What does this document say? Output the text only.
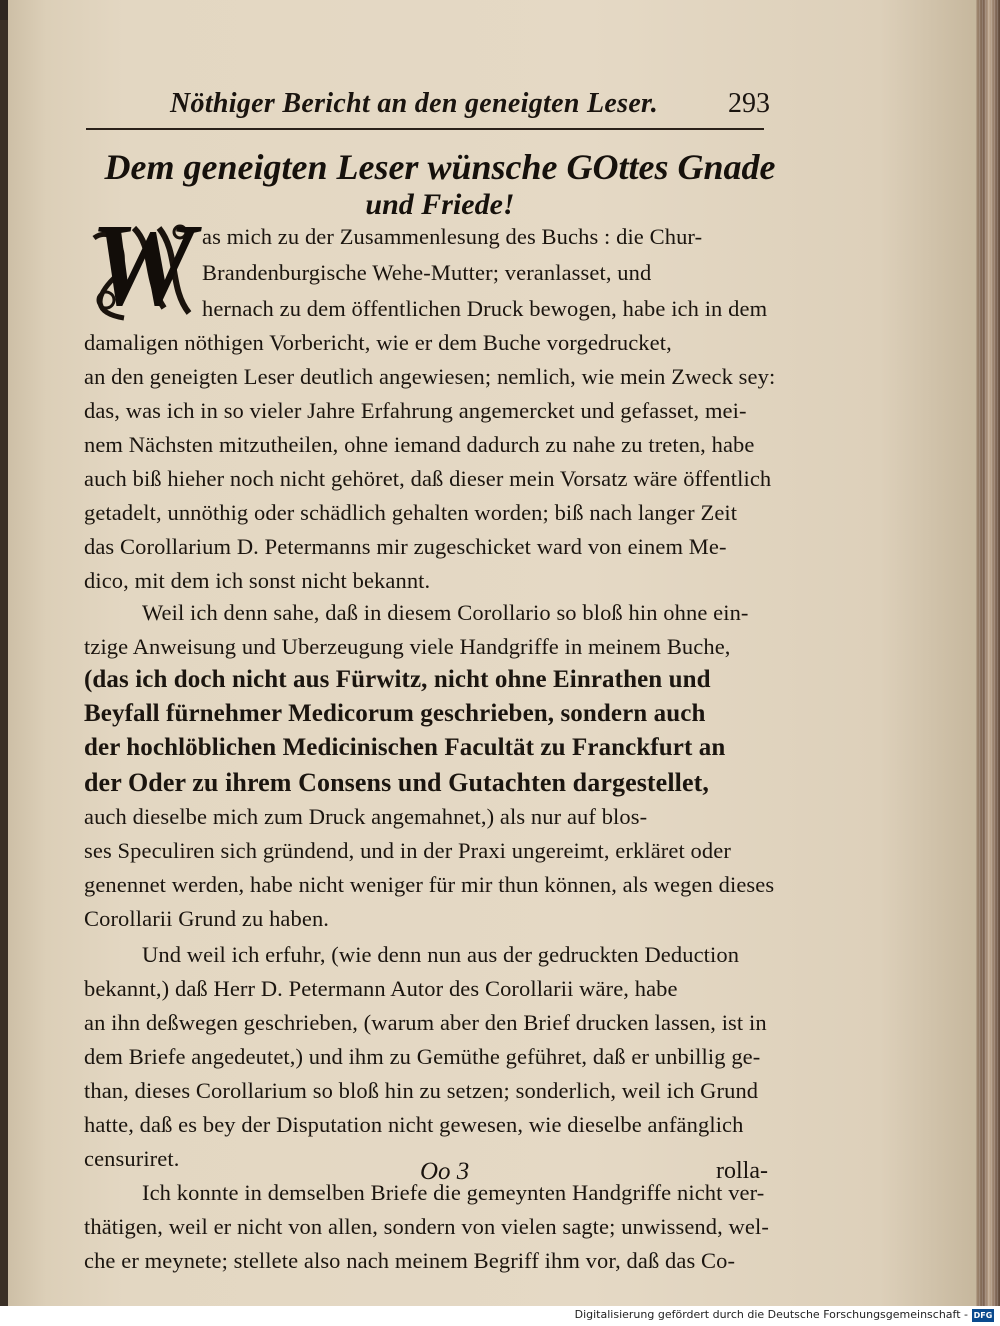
Nöthiger Bericht an den geneigten Leser.	293
Dem geneigten Leser wünsche GOttes Gnade
und Friede!
W as mich zu der Zusammenlesung des Buchs : die Chur-
Brandenburgische Wehe-Mutter; veranlasset, und
hernach zu dem öffentlichen Druck bewogen, habe ich in dem
damaligen nöthigen Vorbericht, wie er dem Buche vorgedrucket,
an den geneigten Leser deutlich angewiesen; nemlich, wie mein Zweck sey:
das, was ich in so vieler Jahre Erfahrung angemercket und gefasset, mei-
nem Nächsten mitzutheilen, ohne iemand dadurch zu nahe zu treten, habe
auch biß hieher noch nicht gehöret, daß dieser mein Vorsatz wäre öffentlich
getadelt, unnöthig oder schädlich gehalten worden; biß nach langer Zeit
das Corollarium D. Petermanns mir zugeschicket ward von einem Me-
dico, mit dem ich sonst nicht bekannt.
Weil ich denn sahe, daß in diesem Corollario so bloß hin ohne ein-
tzige Anweisung und Uberzeugung viele Handgriffe in meinem Buche,
(das ich doch nicht aus Fürwitz, nicht ohne Einrathen und
Beyfall fürnehmer Medicorum geschrieben, sondern auch
der hochlöblichen Medicinischen Facultät zu Franckfurt an
der Oder zu ihrem Consens und Gutachten dargestellet,
auch dieselbe mich zum Druck angemahnet,) als nur auf blos-
ses Speculiren sich gründend, und in der Praxi ungereimt, erkläret oder
genennet werden, habe nicht weniger für mir thun können, als wegen dieses
Corollarii Grund zu haben.
Und weil ich erfuhr, (wie denn nun aus der gedruckten Deduction
bekannt,) daß Herr D. Petermann Autor des Corollarii wäre, habe
an ihn deßwegen geschrieben, (warum aber den Brief drucken lassen, ist in
dem Briefe angedeutet,) und ihm zu Gemüthe geführet, daß er unbillig ge-
than, dieses Corollarium so bloß hin zu setzen; sonderlich, weil ich Grund
hatte, daß es bey der Disputation nicht gewesen, wie dieselbe anfänglich
censuriret.
Ich konnte in demselben Briefe die gemeynten Handgriffe nicht ver-
thätigen, weil er nicht von allen, sondern von vielen sagte; unwissend, wel-
che er meynete; stellete also nach meinem Begriff ihm vor, daß das Co-
Oo 3	rolla-
Digitalisierung gefördert durch die Deutsche Forschungsgemeinschaft - DFG
